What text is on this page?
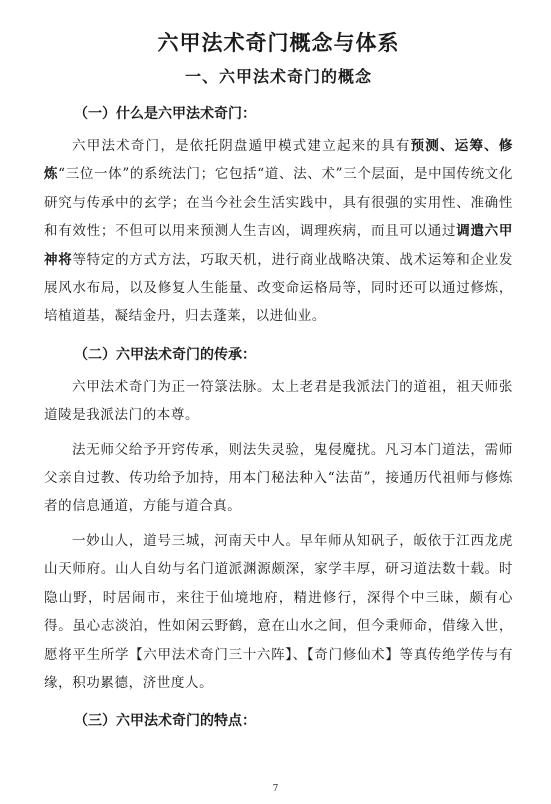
六甲法术奇门概念与体系
一、六甲法术奇门的概念
（一）什么是六甲法术奇门：

六甲法术奇门，是依托阴盘遁甲模式建立起来的具有预测、运筹、修炼“三位一体”的系统法门；它包括“道、法、术”三个层面，是中国传统文化研究与传承中的玄学；在当今社会生活实践中，具有很强的实用性、准确性和有效性；不但可以用来预测人生吉凶，调理疾病，而且可以通过调遣六甲神将等特定的方式方法，巧取天机，进行商业战略决策、战术运筹和企业发展风水布局，以及修复人生能量、改变命运格局等，同时还可以通过修炼，培植道基，凝结金丹，归去蓬莱，以进仙业。

（二）六甲法术奇门的传承：

六甲法术奇门为正一符箓法脉。太上老君是我派法门的道祖，祖天师张道陵是我派法门的本尊。

法无师父给予开窍传承，则法失灵验，鬼侵魔扰。凡习本门道法，需师父亲自过教、传功给予加持，用本门秘法种入“法苗”，接通历代祖师与修炼者的信息通道，方能与道合真。

一妙山人，道号三城，河南天中人。早年师从知矾子，皈依于江西龙虎山天师府。山人自幼与名门道派渊源颇深，家学丰厚，研习道法数十载。时隐山野，时居闹市，来往于仙境地府，精进修行，深得个中三昧，颇有心得。虽心志淡泊，性如闲云野鹤，意在山水之间，但今秉师命，借缘入世，愿将平生所学【六甲法术奇门三十六阵】、【奇门修仙术】等真传绝学传与有缘，积功累德，济世度人。

（三）六甲法术奇门的特点：
7
